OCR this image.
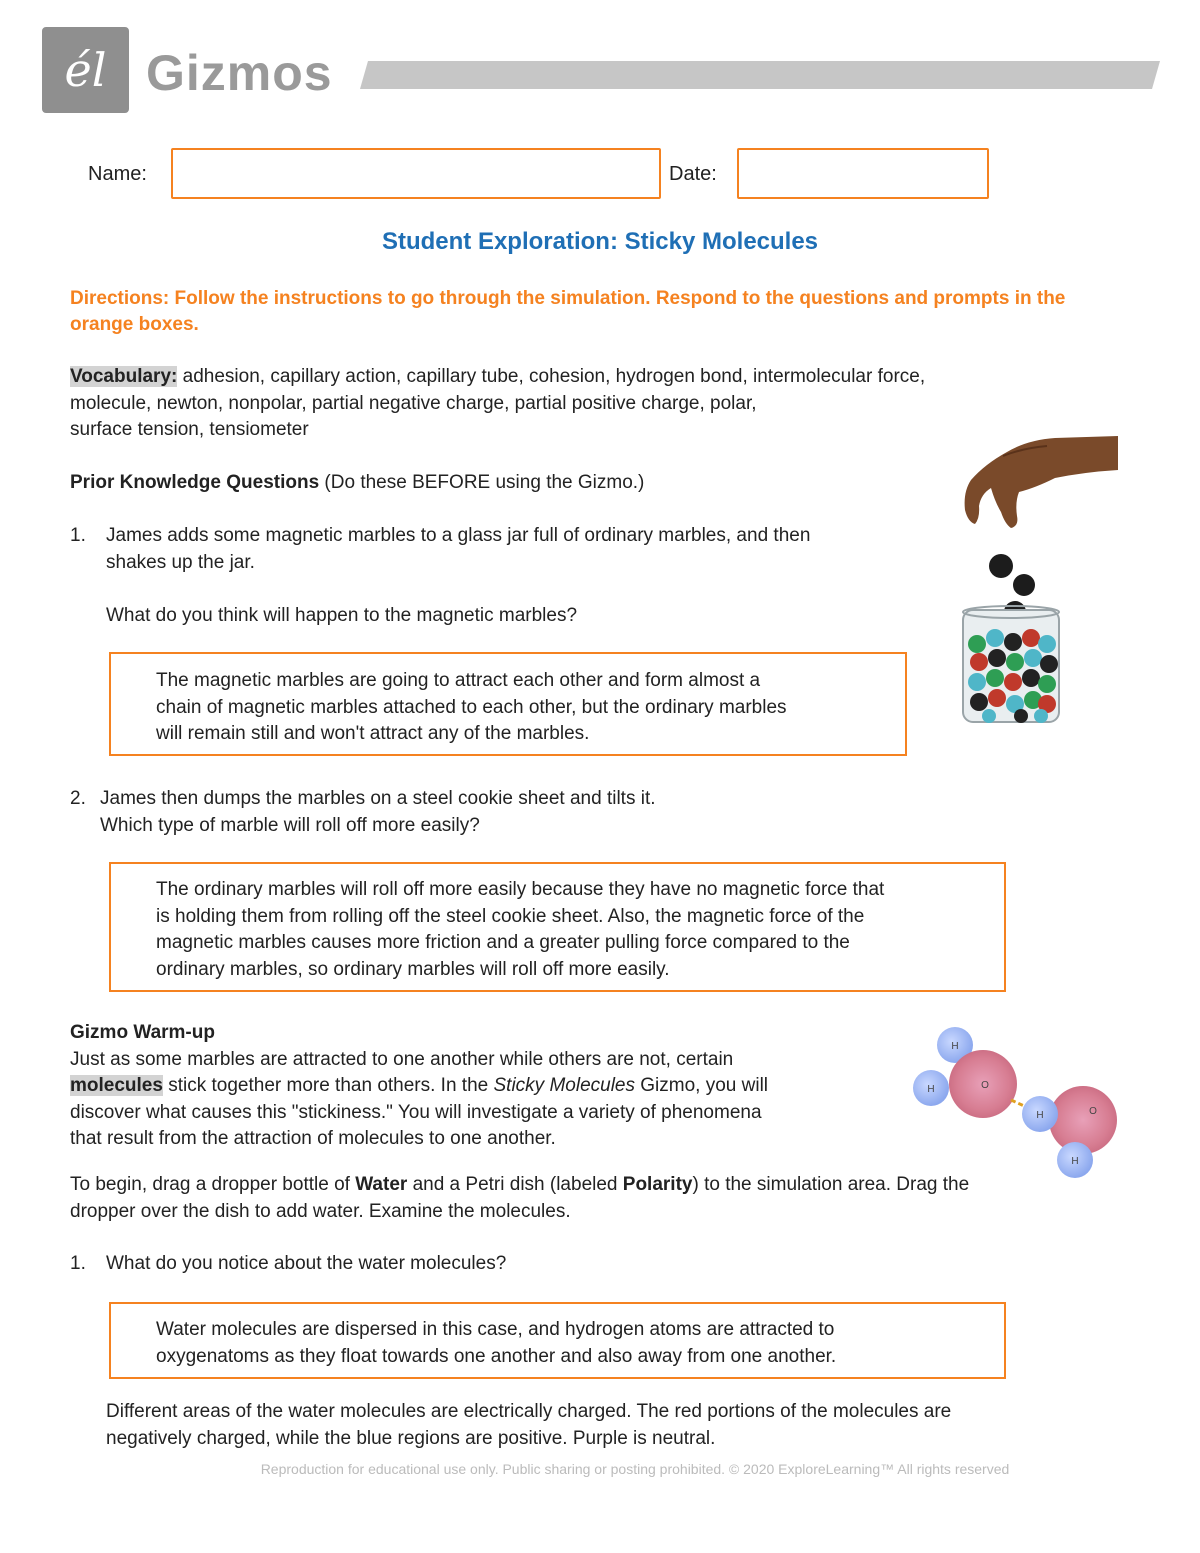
él Gizmos
Name:	Date:
Student Exploration: Sticky Molecules
Directions: Follow the instructions to go through the simulation. Respond to the questions and prompts in the orange boxes.
Vocabulary: adhesion, capillary action, capillary tube, cohesion, hydrogen bond, intermolecular force,
molecule, newton, nonpolar, partial negative charge, partial positive charge, polar,
surface tension, tensiometer
Prior Knowledge Questions (Do these BEFORE using the Gizmo.)
1. James adds some magnetic marbles to a glass jar full of ordinary marbles, and then
shakes up the jar.
What do you think will happen to the magnetic marbles?
The magnetic marbles are going to attract each other and form almost a
chain of magnetic marbles attached to each other, but the ordinary marbles
will remain still and won't attract any of the marbles.
2. James then dumps the marbles on a steel cookie sheet and tilts it.
Which type of marble will roll off more easily?
The ordinary marbles will roll off more easily because they have no magnetic force that
is holding them from rolling off the steel cookie sheet. Also, the magnetic force of the
magnetic marbles causes more friction and a greater pulling force compared to the
ordinary marbles, so ordinary marbles will roll off more easily.
Gizmo Warm-up
Just as some marbles are attracted to one another while others are not, certain
molecules stick together more than others. In the Sticky Molecules Gizmo, you will
discover what causes this "stickiness." You will investigate a variety of phenomena
that result from the attraction of molecules to one another.
H
H	O
H
H
O
To begin, drag a dropper bottle of Water and a Petri dish (labeled Polarity) to the simulation area. Drag the
dropper over the dish to add water. Examine the molecules.
1. What do you notice about the water molecules?
Water molecules are dispersed in this case, and hydrogen atoms are attracted to
oxygenatoms as they float towards one another and also away from one another.
Different areas of the water molecules are electrically charged. The red portions of the molecules are
negatively charged, while the blue regions are positive. Purple is neutral.
Reproduction for educational use only. Public sharing or posting prohibited. © 2020 ExploreLearning™ All rights reserved
